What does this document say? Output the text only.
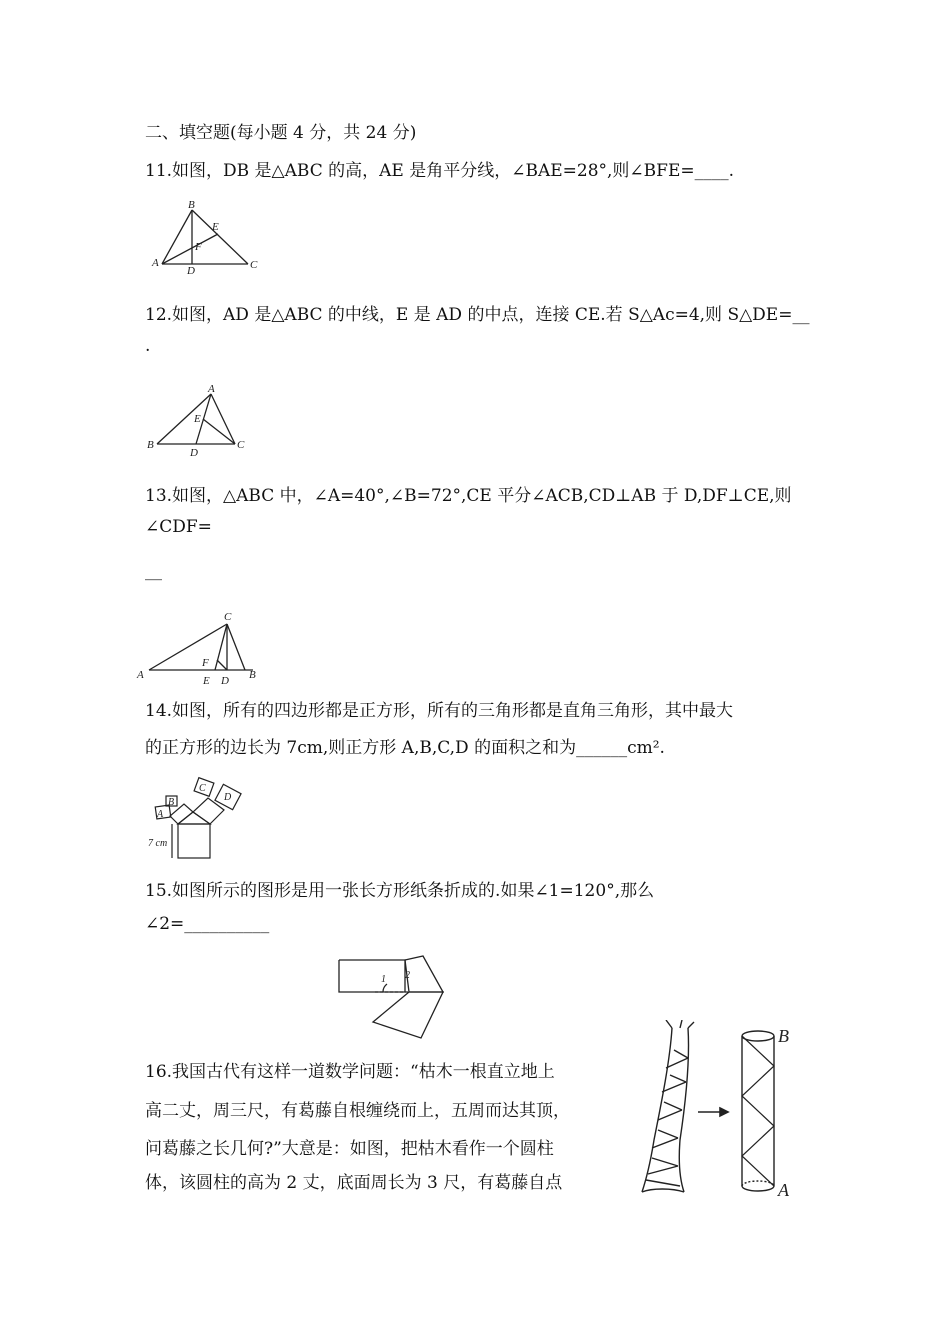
二、填空题(每小题 4 分，共 24 分)
11.如图，DB 是△ABC 的高，AE 是角平分线，∠BAE=28°,则∠BFE=____.
A
B
C
D
E
F
12.如图，AD 是△ABC 的中线，E 是 AD 的中点，连接 CE.若 S△Ac=4,则 S△DE=__
.
B
A
C
D
E
13.如图，△ABC 中，∠A=40°,∠B=72°,CE 平分∠ACB,CD⊥AB 于 D,DF⊥CE,则
∠CDF=
__
A
C
B
D
E
F
14.如图，所有的四边形都是正方形，所有的三角形都是直角三角形，其中最大
的正方形的边长为 7cm,则正方形 A,B,C,D 的面积之和为______cm².
A
B
C
D
7 cm
15.如图所示的图形是用一张长方形纸条折成的.如果∠1=120°,那么
∠2=__________
1 2
16.我国古代有这样一道数学问题：“枯木一根直立地上
高二丈，周三尺，有葛藤自根缠绕而上，五周而达其顶，
问葛藤之长几何?”大意是：如图，把枯木看作一个圆柱
体，该圆柱的高为 2 丈，底面周长为 3 尺，有葛藤自点
B
A
